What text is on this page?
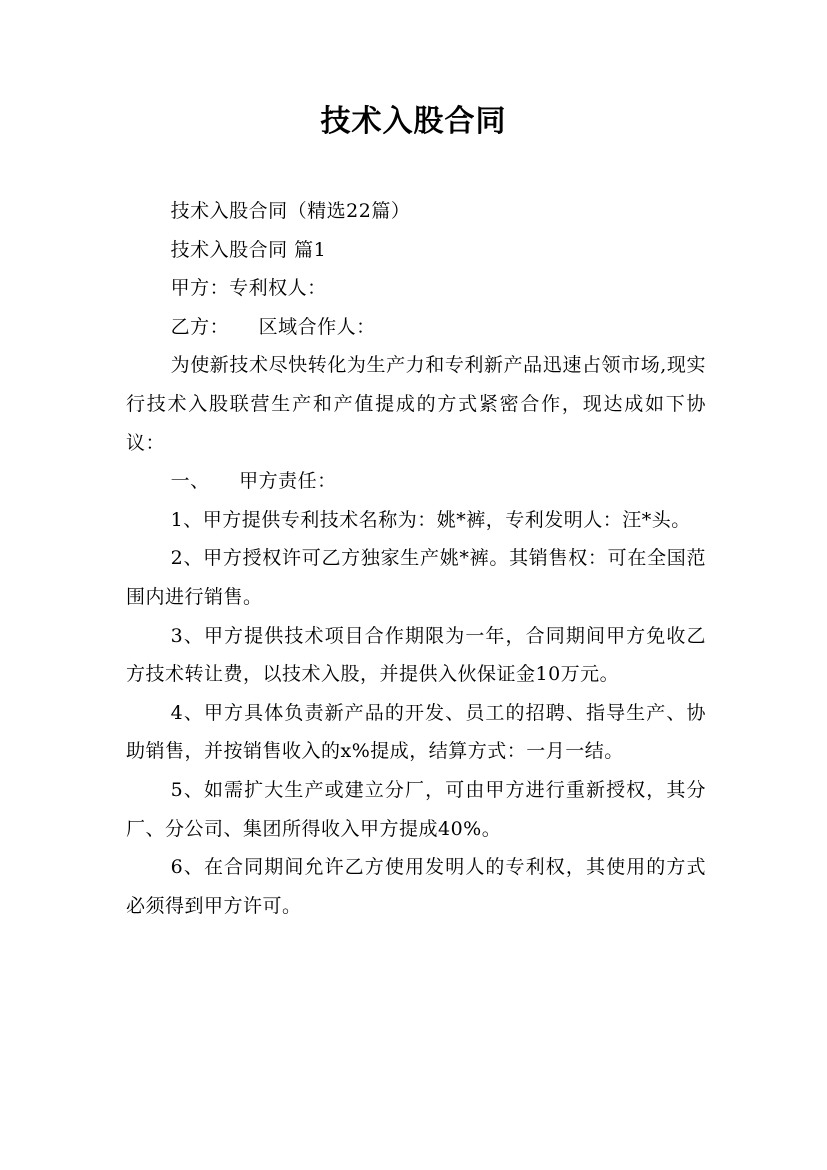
技术入股合同

技术入股合同（精选22篇）

技术入股合同 篇1

甲方：专利权人：

乙方：　　区域合作人：

为使新技术尽快转化为生产力和专利新产品迅速占领市场,现实行技术入股联营生产和产值提成的方式紧密合作，现达成如下协议：

一、　　甲方责任：

1、甲方提供专利技术名称为：姚*裤，专利发明人：汪*头。

2、甲方授权许可乙方独家生产姚*裤。其销售权：可在全国范围内进行销售。

3、甲方提供技术项目合作期限为一年，合同期间甲方免收乙方技术转让费，以技术入股，并提供入伙保证金10万元。

4、甲方具体负责新产品的开发、员工的招聘、指导生产、协助销售，并按销售收入的x%提成，结算方式：一月一结。

5、如需扩大生产或建立分厂，可由甲方进行重新授权，其分厂、分公司、集团所得收入甲方提成40%。

6、在合同期间允许乙方使用发明人的专利权，其使用的方式必须得到甲方许可。
